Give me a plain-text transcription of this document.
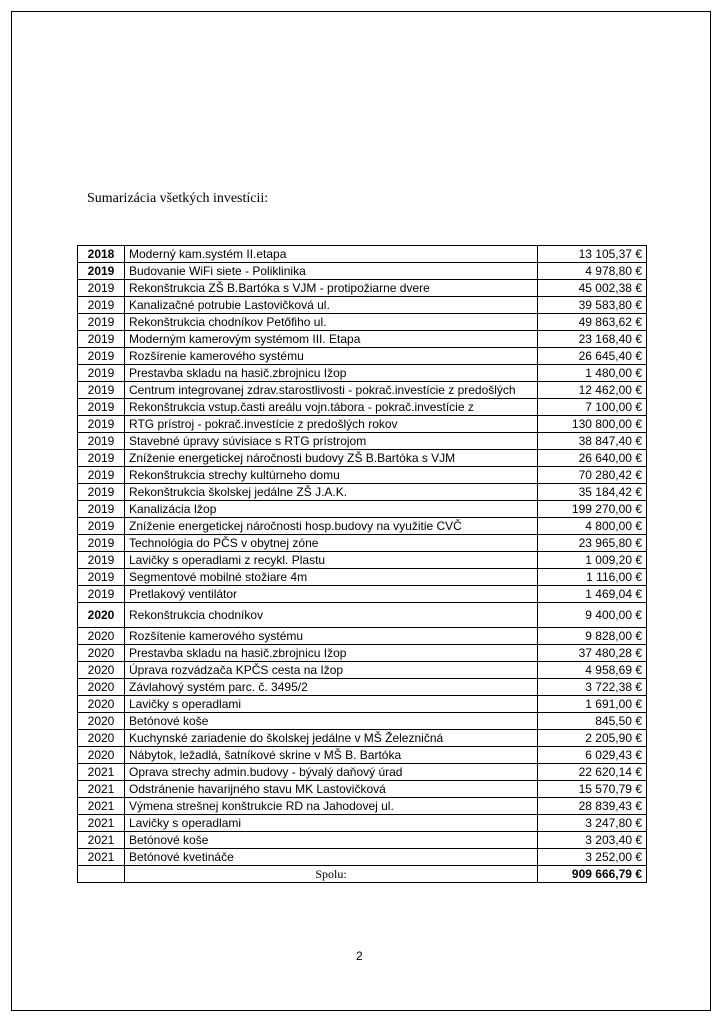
Sumarizácia všetkých investícii:
2018	Moderný kam.systém II.etapa	13 105,37 €
2019	Budovanie WiFi siete - Poliklinika	4 978,80 €
2019	Rekonštrukcia ZŠ B.Bartóka s VJM - protipožiarne dvere	45 002,38 €
2019	Kanalizačné potrubie Lastovičková ul.	39 583,80 €
2019	Rekonštrukcia chodníkov Petőfiho ul.	49 863,62 €
2019	Moderným kamerovým systémom III. Etapa	23 168,40 €
2019	Rozšírenie kamerového systému	26 645,40 €
2019	Prestavba skladu na hasič.zbrojnicu Ižop	1 480,00 €
2019	Centrum integrovanej zdrav.starostlivosti - pokrač.investície z predošlých	12 462,00 €
2019	Rekonštrukcia vstup.časti areálu vojn.tábora - pokrač.investície z	7 100,00 €
2019	RTG prístroj - pokrač.investície z predošlých rokov	130 800,00 €
2019	Stavebné úpravy súvisiace s RTG prístrojom	38 847,40 €
2019	Zníženie energetickej náročnosti budovy ZŠ B.Bartóka s VJM	26 640,00 €
2019	Rekonštrukcia strechy kultúrneho domu	70 280,42 €
2019	Rekonštrukcia školskej jedálne ZŠ J.A.K.	35 184,42 €
2019	Kanalizácia Ižop	199 270,00 €
2019	Zníženie energetickej náročnosti hosp.budovy na využitie CVČ	4 800,00 €
2019	Technológia do PČS v obytnej zóne	23 965,80 €
2019	Lavičky s operadlami z recykl. Plastu	1 009,20 €
2019	Segmentové mobilné stožiare 4m	1 116,00 €
2019	Pretlakový ventilátor	1 469,04 €
2020	Rekonštrukcia chodníkov	9 400,00 €
2020	Rozšítenie kamerového systému	9 828,00 €
2020	Prestavba skladu na hasič.zbrojnicu Ižop	37 480,28 €
2020	Úprava rozvádzača KPČS cesta na Ižop	4 958,69 €
2020	Závlahový systém parc. č. 3495/2	3 722,38 €
2020	Lavičky s operadlami	1 691,00 €
2020	Betónové koše	845,50 €
2020	Kuchynské zariadenie do školskej jedálne v MŠ Železničná	2 205,90 €
2020	Nábytok, ležadlá, šatníkové skrine v MŠ B. Bartóka	6 029,43 €
2021	Oprava strechy admin.budovy - bývalý daňový úrad	22 620,14 €
2021	Odstránenie havarijného stavu MK Lastovičková	15 570,79 €
2021	Výmena strešnej konštrukcie RD na Jahodovej ul.	28 839,43 €
2021	Lavičky s operadlami	3 247,80 €
2021	Betónové koše	3 203,40 €
2021	Betónové kvetináče	3 252,00 €
	Spolu:	909 666,79 €
2
